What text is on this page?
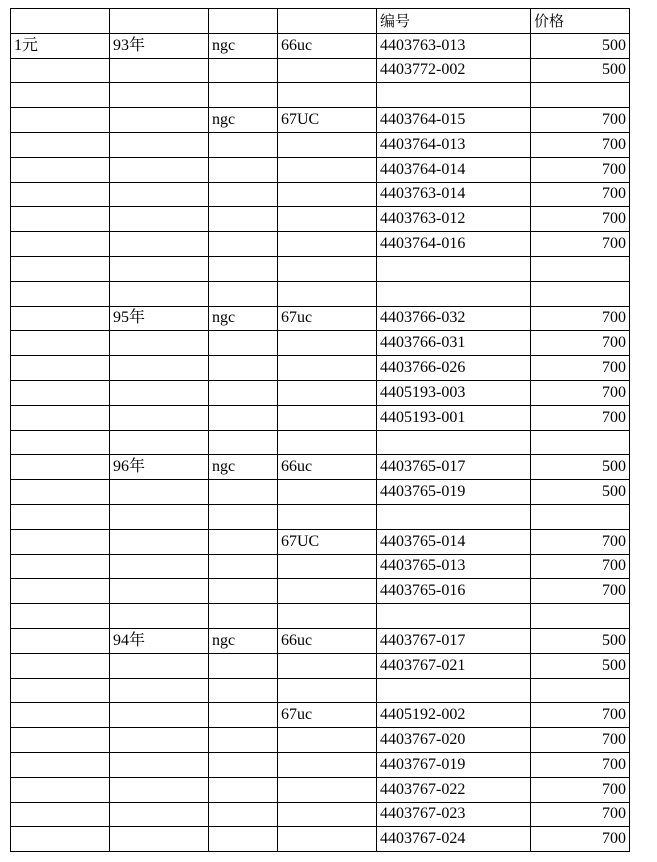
				编号	价格
1元	93年	ngc	66uc	4403763-013	500
				4403772-002	500

		ngc	67UC	4403764-015	700
				4403764-013	700
				4403764-014	700
				4403763-014	700
				4403763-012	700
				4403764-016	700

	95年	ngc	67uc	4403766-032	700
				4403766-031	700
				4403766-026	700
				4405193-003	700
				4405193-001	700

	96年	ngc	66uc	4403765-017	500
				4403765-019	500

			67UC	4403765-014	700
				4403765-013	700
				4403765-016	700

	94年	ngc	66uc	4403767-017	500
				4403767-021	500

			67uc	4405192-002	700
				4403767-020	700
				4403767-019	700
				4403767-022	700
				4403767-023	700
				4403767-024	700
